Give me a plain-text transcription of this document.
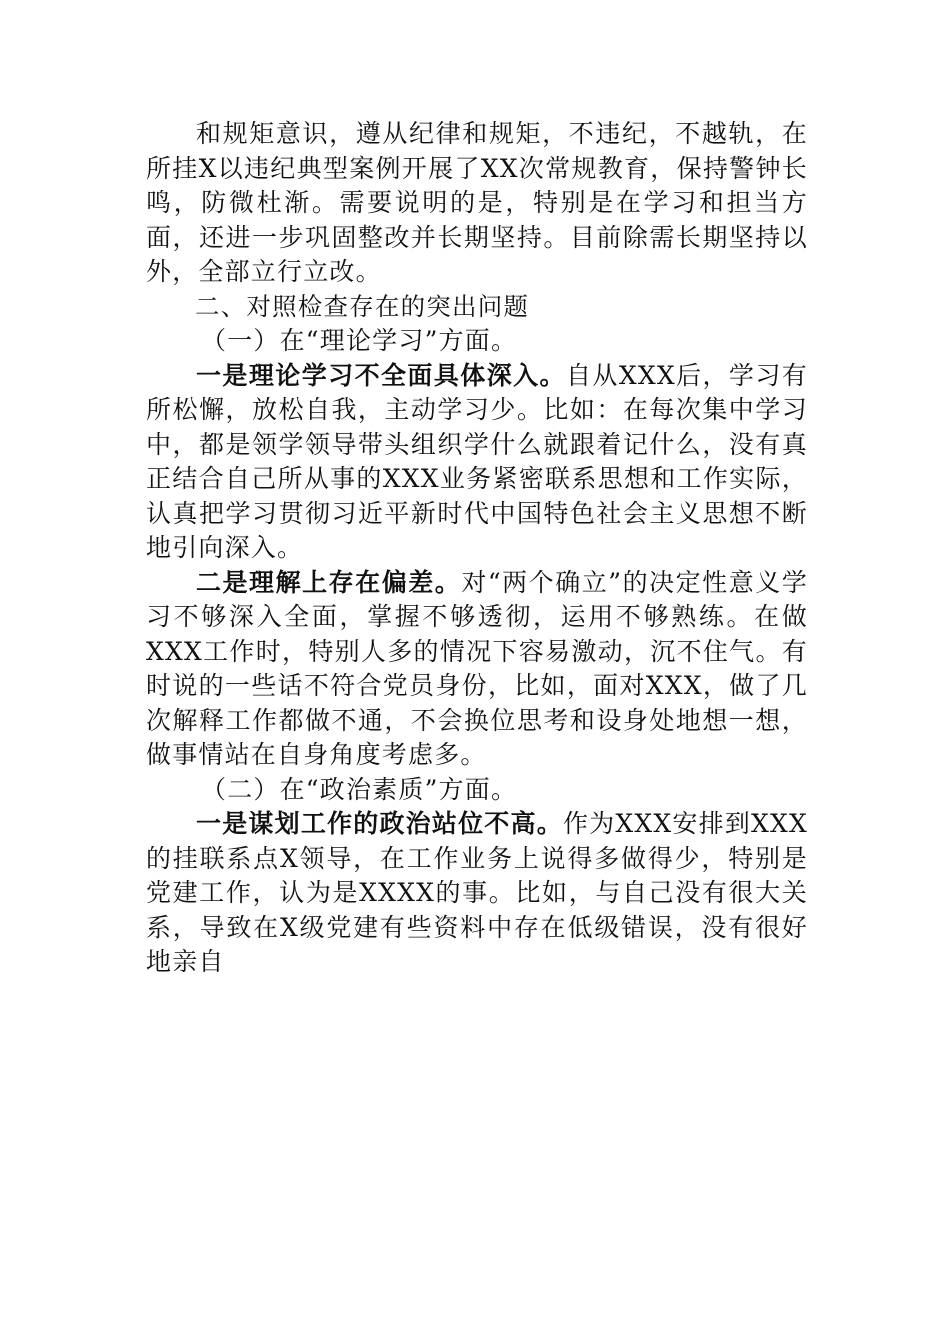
和规矩意识，遵从纪律和规矩，不违纪，不越轨，在所挂X以违纪典型案例开展了XX次常规教育，保持警钟长鸣，防微杜渐。需要说明的是，特别是在学习和担当方面，还进一步巩固整改并长期坚持。目前除需长期坚持以外，全部立行立改。

二、对照检查存在的突出问题

（一）在“理论学习”方面。

一是理论学习不全面具体深入。自从XXX后，学习有所松懈，放松自我，主动学习少。比如：在每次集中学习中，都是领学领导带头组织学什么就跟着记什么，没有真正结合自己所从事的XXX业务紧密联系思想和工作实际，认真把学习贯彻习近平新时代中国特色社会主义思想不断地引向深入。

二是理解上存在偏差。对“两个确立”的决定性意义学习不够深入全面，掌握不够透彻，运用不够熟练。在做XXX工作时，特别人多的情况下容易激动，沉不住气。有时说的一些话不符合党员身份，比如，面对XXX，做了几次解释工作都做不通，不会换位思考和设身处地想一想，做事情站在自身角度考虑多。

（二）在“政治素质”方面。

一是谋划工作的政治站位不高。作为XXX安排到XXX的挂联系点X领导，在工作业务上说得多做得少，特别是党建工作，认为是XXXX的事。比如，与自己没有很大关系，导致在X级党建有些资料中存在低级错误，没有很好地亲自
